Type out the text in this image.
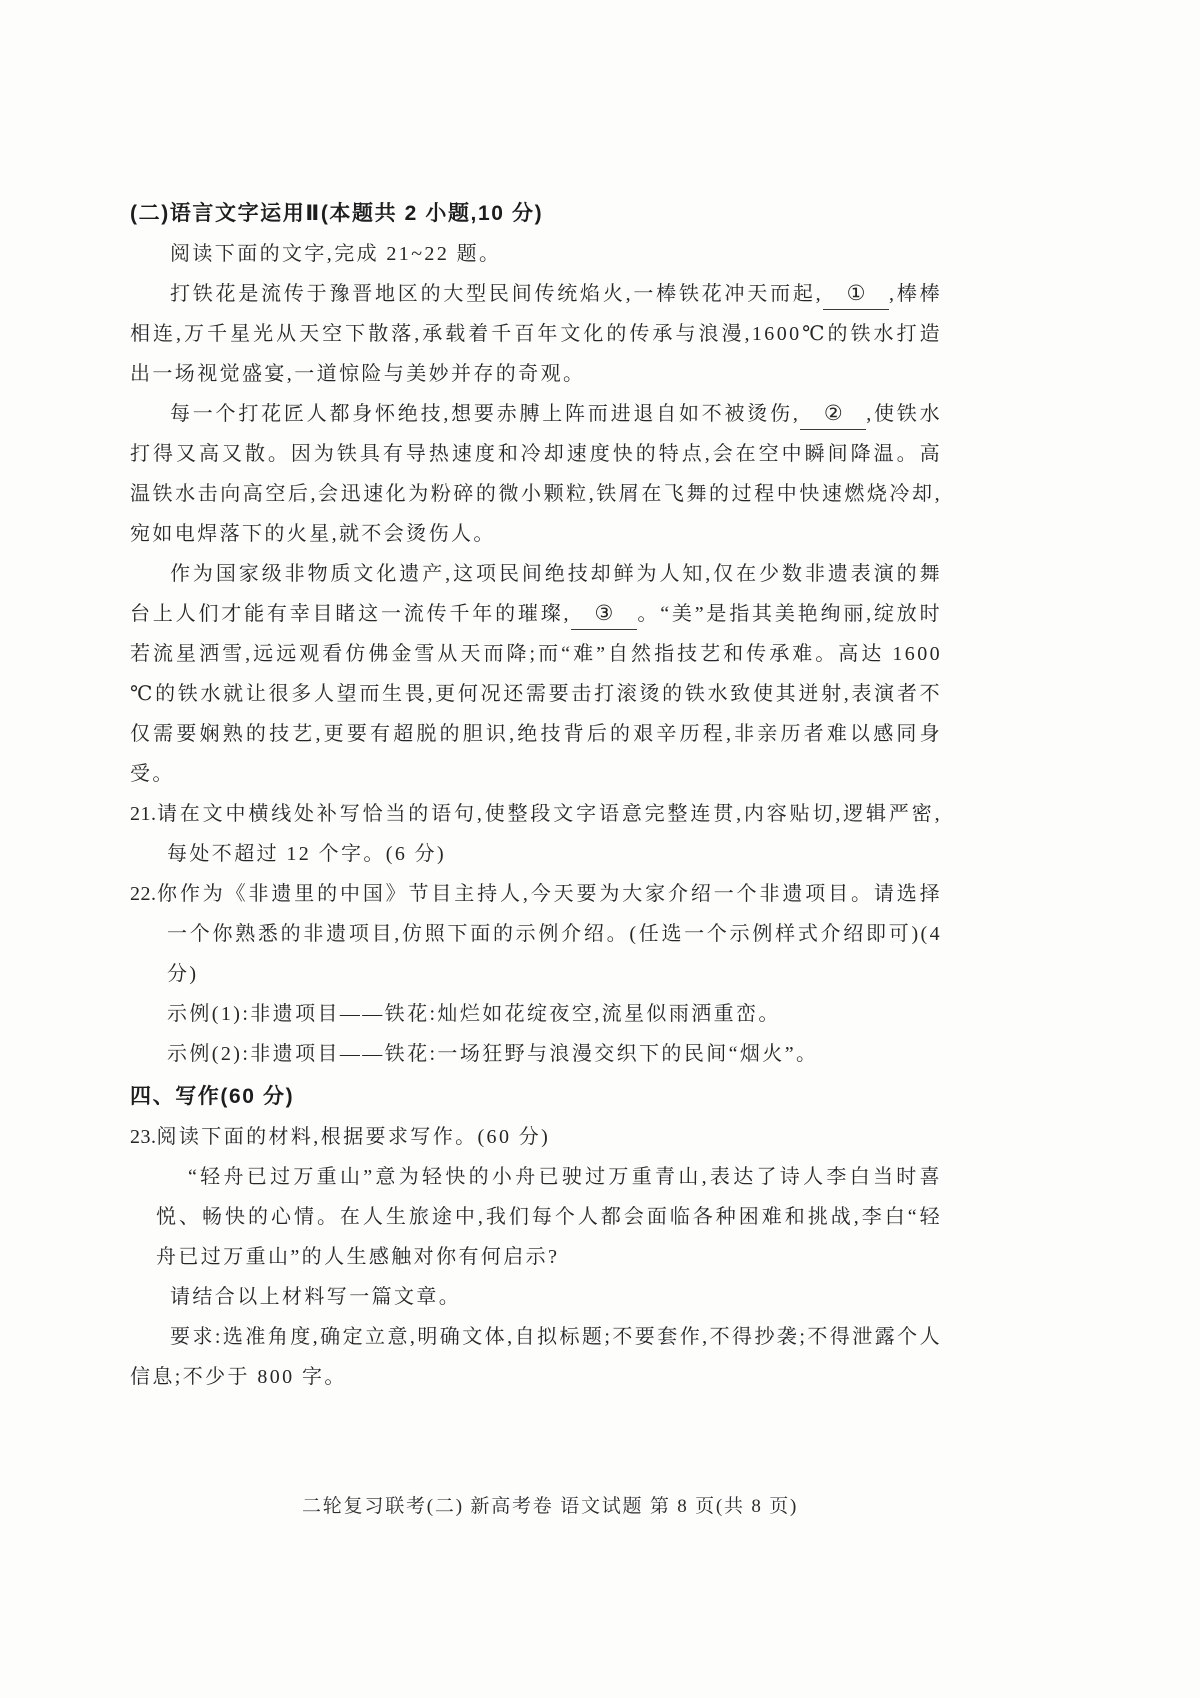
(二)语言文字运用Ⅱ(本题共 2 小题,10 分)
阅读下面的文字,完成 21~22 题。
打铁花是流传于豫晋地区的大型民间传统焰火,一棒铁花冲天而起, ① ,棒棒相连,万千星光从天空下散落,承载着千百年文化的传承与浪漫,1600℃的铁水打造出一场视觉盛宴,一道惊险与美妙并存的奇观。
每一个打花匠人都身怀绝技,想要赤膊上阵而进退自如不被烫伤, ② ,使铁水打得又高又散。因为铁具有导热速度和冷却速度快的特点,会在空中瞬间降温。高温铁水击向高空后,会迅速化为粉碎的微小颗粒,铁屑在飞舞的过程中快速燃烧冷却,宛如电焊落下的火星,就不会烫伤人。
作为国家级非物质文化遗产,这项民间绝技却鲜为人知,仅在少数非遗表演的舞台上人们才能有幸目睹这一流传千年的璀璨, ③ 。“美”是指其美艳绚丽,绽放时若流星洒雪,远远观看仿佛金雪从天而降;而“难”自然指技艺和传承难。高达 1600 ℃的铁水就让很多人望而生畏,更何况还需要击打滚烫的铁水致使其迸射,表演者不仅需要娴熟的技艺,更要有超脱的胆识,绝技背后的艰辛历程,非亲历者难以感同身受。
21.请在文中横线处补写恰当的语句,使整段文字语意完整连贯,内容贴切,逻辑严密,每处不超过 12 个字。(6 分)
22.你作为《非遗里的中国》节目主持人,今天要为大家介绍一个非遗项目。请选择一个你熟悉的非遗项目,仿照下面的示例介绍。(任选一个示例样式介绍即可)(4 分)
示例(1):非遗项目——铁花:灿烂如花绽夜空,流星似雨洒重峦。
示例(2):非遗项目——铁花:一场狂野与浪漫交织下的民间“烟火”。
四、写作(60 分)
23.阅读下面的材料,根据要求写作。(60 分)
“轻舟已过万重山”意为轻快的小舟已驶过万重青山,表达了诗人李白当时喜悦、畅快的心情。在人生旅途中,我们每个人都会面临各种困难和挑战,李白“轻舟已过万重山”的人生感触对你有何启示?
请结合以上材料写一篇文章。
要求:选准角度,确定立意,明确文体,自拟标题;不要套作,不得抄袭;不得泄露个人信息;不少于 800 字。
二轮复习联考(二) 新高考卷 语文试题 第 8 页(共 8 页)
